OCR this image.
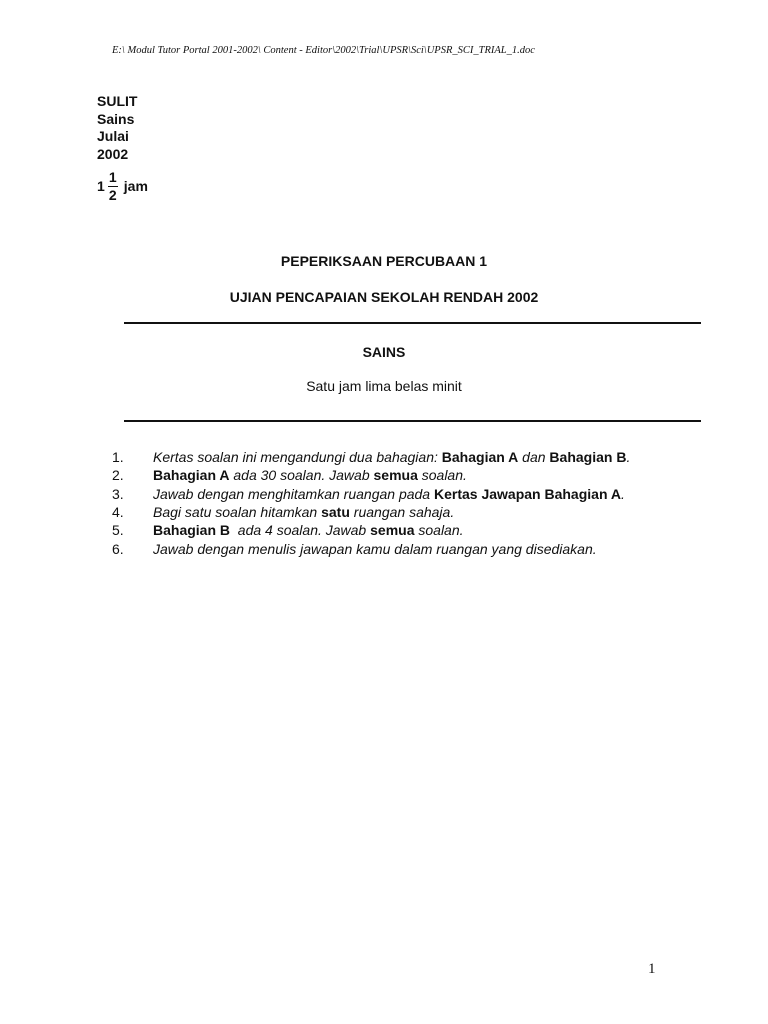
E:\ Modul Tutor Portal 2001-2002\ Content - Editor\2002\Trial\UPSR\Sci\UPSR_SCI_TRIAL_1.doc
SULIT
Sains
Julai
2002
$1 \frac{1}{2}$ jam
PEPERIKSAAN PERCUBAAN 1
UJIAN PENCAPAIAN SEKOLAH RENDAH 2002
SAINS
Satu jam lima belas minit
1.	Kertas soalan ini mengandungi dua bahagian: Bahagian A dan Bahagian B.
2.	Bahagian A ada 30 soalan. Jawab semua soalan.
3.	Jawab dengan menghitamkan ruangan pada Kertas Jawapan Bahagian A.
4.	Bagi satu soalan hitamkan satu ruangan sahaja.
5.	Bahagian B  ada 4 soalan. Jawab semua soalan.
6.	Jawab dengan menulis jawapan kamu dalam ruangan yang disediakan.
1
